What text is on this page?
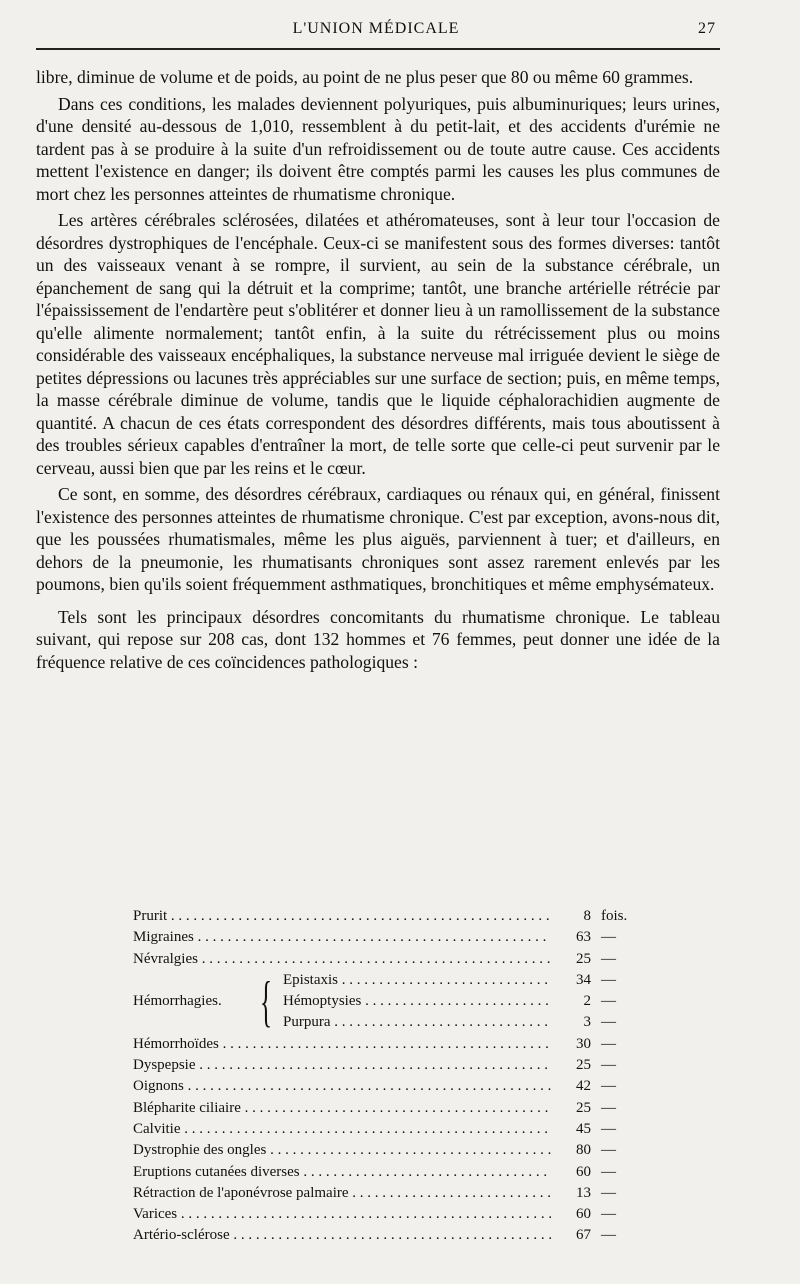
L'UNION MÉDICALE	27

libre, diminue de volume et de poids, au point de ne plus peser que 80 ou même 60 grammes.

Dans ces conditions, les malades deviennent polyuriques, puis albuminuriques; leurs urines, d'une densité au-dessous de 1,010, ressemblent à du petit-lait, et des accidents d'urémie ne tardent pas à se produire à la suite d'un refroidissement ou de toute autre cause. Ces accidents mettent l'existence en danger; ils doivent être comptés parmi les causes les plus communes de mort chez les personnes atteintes de rhumatisme chronique.

Les artères cérébrales sclérosées, dilatées et athéromateuses, sont à leur tour l'occasion de désordres dystrophiques de l'encéphale. Ceux-ci se manifestent sous des formes diverses: tantôt un des vaisseaux venant à se rompre, il survient, au sein de la substance cérébrale, un épanchement de sang qui la détruit et la comprime; tantôt, une branche artérielle rétrécie par l'épaississement de l'endartère peut s'oblitérer et donner lieu à un ramollissement de la substance qu'elle alimente normalement; tantôt enfin, à la suite du rétrécissement plus ou moins considérable des vaisseaux encéphaliques, la substance nerveuse mal irriguée devient le siège de petites dépressions ou lacunes très appréciables sur une surface de section; puis, en même temps, la masse cérébrale diminue de volume, tandis que le liquide céphalorachidien augmente de quantité. A chacun de ces états correspondent des désordres différents, mais tous aboutissent à des troubles sérieux capables d'entraîner la mort, de telle sorte que celle-ci peut survenir par le cerveau, aussi bien que par les reins et le cœur.

Ce sont, en somme, des désordres cérébraux, cardiaques ou rénaux qui, en général, finissent l'existence des personnes atteintes de rhumatisme chronique. C'est par exception, avons-nous dit, que les poussées rhumatismales, même les plus aiguës, parviennent à tuer; et d'ailleurs, en dehors de la pneumonie, les rhumatisants chroniques sont assez rarement enlevés par les poumons, bien qu'ils soient fréquemment asthmatiques, bronchitiques et même emphysémateux.

Tels sont les principaux désordres concomitants du rhumatisme chronique. Le tableau suivant, qui repose sur 208 cas, dont 132 hommes et 76 femmes, peut donner une idée de la fréquence relative de ces coïncidences pathologiques :

Prurit . . .	8 fois.
Migraines . . .	63 —
Névralgies . . .	25 —
Hémorrhagies. { Epistaxis . . .	34 —
Hémoptysies . . .	2 —
Purpura . . .	3 —
Hémorrhoïdes . . .	30 —
Dyspepsie . . .	25 —
Oignons . . .	42 —
Blépharite ciliaire . . .	25 —
Calvitie . . .	45 —
Dystrophie des ongles . . .	80 —
Eruptions cutanées diverses . . .	60 —
Rétraction de l'aponévrose palmaire . . .	13 —
Varices . . .	60 —
Artério-sclérose . . .	67 —
